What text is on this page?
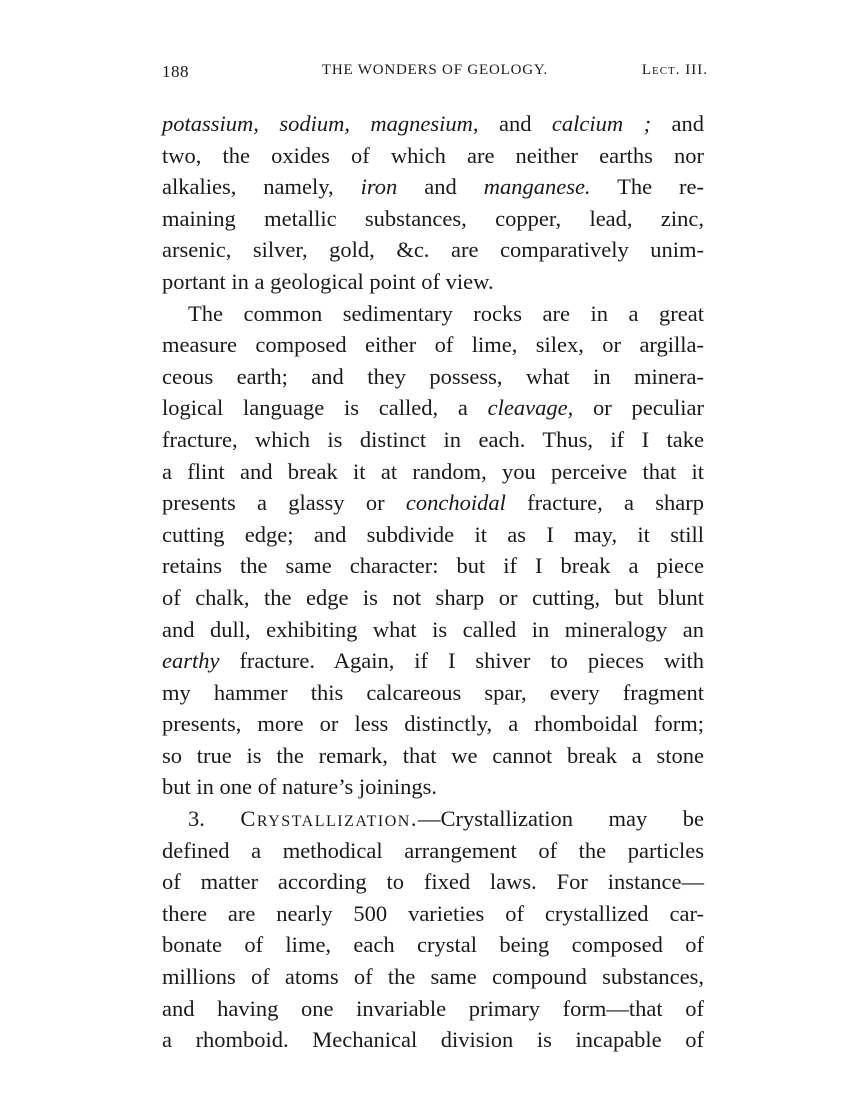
188	THE WONDERS OF GEOLOGY.	Lect. III.
potassium, sodium, magnesium, and calcium ; and
two, the oxides of which are neither earths nor
alkalies, namely, iron and manganese. The re-
maining metallic substances, copper, lead, zinc,
arsenic, silver, gold, &c. are comparatively unim-
portant in a geological point of view.
The common sedimentary rocks are in a great
measure composed either of lime, silex, or argilla-
ceous earth; and they possess, what in minera-
logical language is called, a cleavage, or peculiar
fracture, which is distinct in each. Thus, if I take
a flint and break it at random, you perceive that it
presents a glassy or conchoidal fracture, a sharp
cutting edge; and subdivide it as I may, it still
retains the same character: but if I break a piece
of chalk, the edge is not sharp or cutting, but blunt
and dull, exhibiting what is called in mineralogy an
earthy fracture. Again, if I shiver to pieces with
my hammer this calcareous spar, every fragment
presents, more or less distinctly, a rhomboidal form;
so true is the remark, that we cannot break a stone
but in one of nature’s joinings.
3. Crystallization.—Crystallization may be
defined a methodical arrangement of the particles
of matter according to fixed laws. For instance—
there are nearly 500 varieties of crystallized car-
bonate of lime, each crystal being composed of
millions of atoms of the same compound substances,
and having one invariable primary form—that of
a rhomboid. Mechanical division is incapable of
